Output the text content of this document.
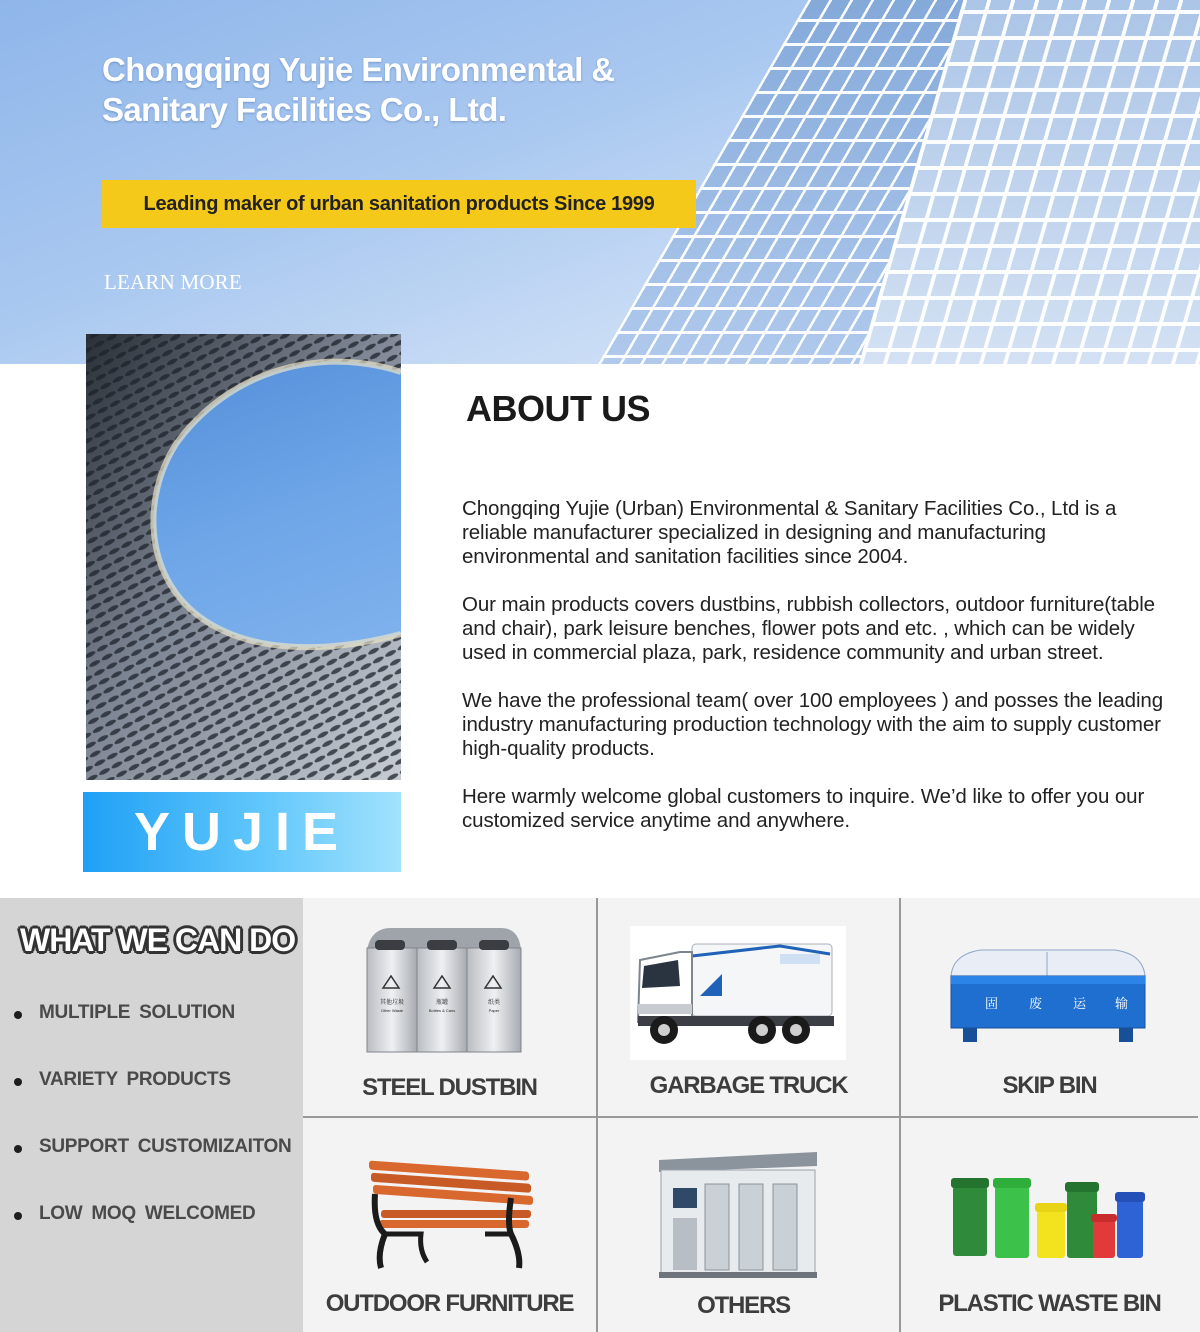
Chongqing Yujie Environmental & Sanitary Facilities Co., Ltd.

Leading maker of urban sanitation products Since 1999

LEARN MORE
YUJIE
ABOUT US

Chongqing Yujie (Urban) Environmental & Sanitary Facilities Co., Ltd is a reliable manufacturer specialized in designing and manufacturing environmental and sanitation facilities since 2004.

Our main products covers dustbins, rubbish collectors, outdoor furniture(table and chair), park leisure benches, flower pots and etc. , which can be widely used in commercial plaza, park, residence community and urban street.

We have the professional team( over 100 employees ) and posses the leading industry manufacturing production technology with the aim to supply customer high-quality products.

Here warmly welcome global customers to inquire. We’d like to offer you our customized service anytime and anywhere.

WHAT WE CAN DO
MULTIPLE SOLUTION
VARIETY PRODUCTS
SUPPORT CUSTOMIZAITON
LOW MOQ WELCOMED
其他垃圾	瓶罐	纸类
Other Waste	Bottles & Cans	Paper

STEEL DUSTBIN	GARBAGE TRUCK

固 废 运 输

SKIP BIN

OUTDOOR FURNITURE	OTHERS	PLASTIC WASTE BIN
